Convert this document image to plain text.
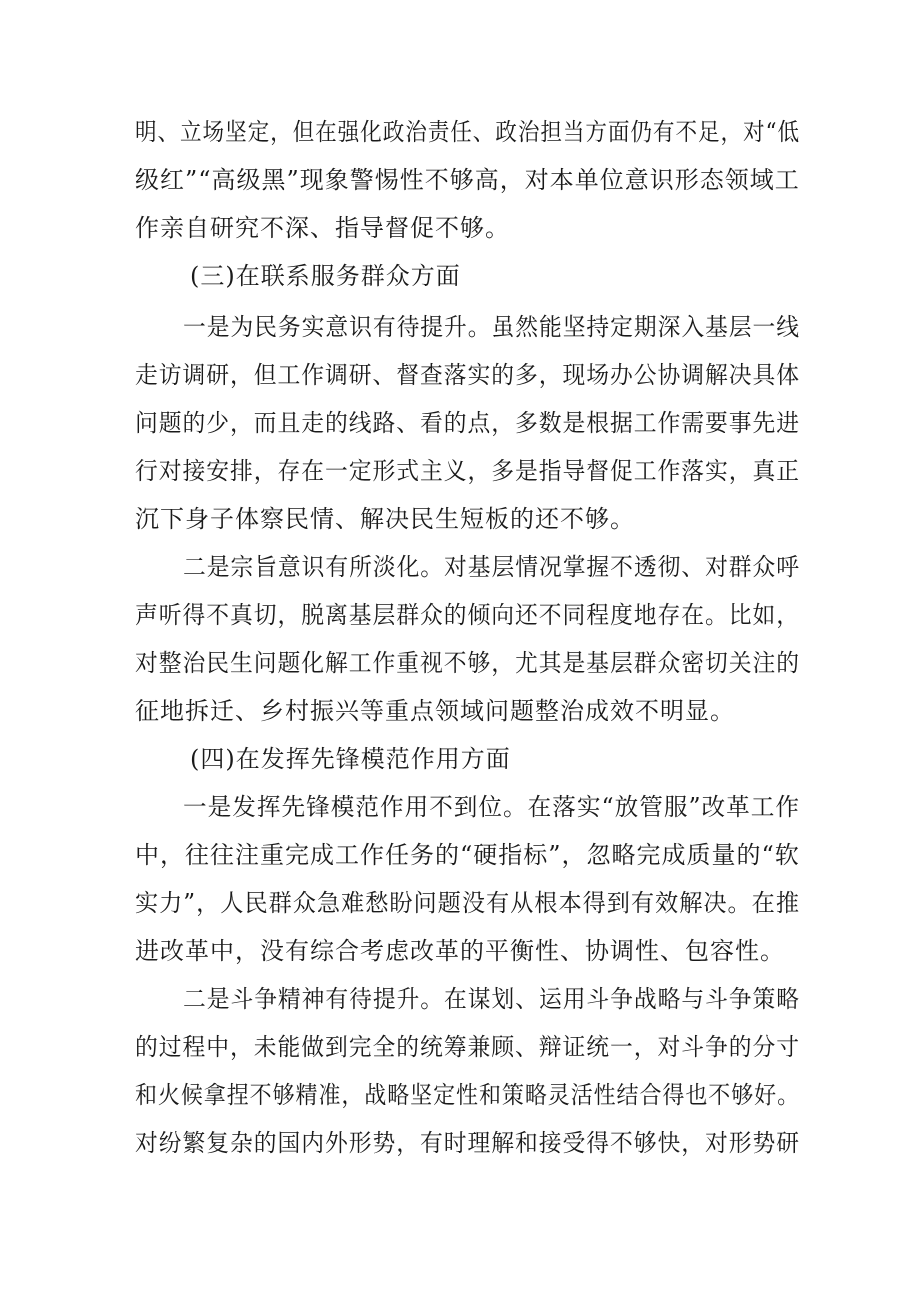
明、立场坚定，但在强化政治责任、政治担当方面仍有不足，对“低
级红”“高级黑”现象警惕性不够高，对本单位意识形态领域工
作亲自研究不深、指导督促不够。
(三)在联系服务群众方面
一是为民务实意识有待提升。虽然能坚持定期深入基层一线
走访调研，但工作调研、督查落实的多，现场办公协调解决具体
问题的少，而且走的线路、看的点，多数是根据工作需要事先进
行对接安排，存在一定形式主义，多是指导督促工作落实，真正
沉下身子体察民情、解决民生短板的还不够。
二是宗旨意识有所淡化。对基层情况掌握不透彻、对群众呼
声听得不真切，脱离基层群众的倾向还不同程度地存在。比如，
对整治民生问题化解工作重视不够，尤其是基层群众密切关注的
征地拆迁、乡村振兴等重点领域问题整治成效不明显。
(四)在发挥先锋模范作用方面
一是发挥先锋模范作用不到位。在落实“放管服”改革工作
中，往往注重完成工作任务的“硬指标”，忽略完成质量的“软
实力”，人民群众急难愁盼问题没有从根本得到有效解决。在推
进改革中，没有综合考虑改革的平衡性、协调性、包容性。
二是斗争精神有待提升。在谋划、运用斗争战略与斗争策略
的过程中，未能做到完全的统筹兼顾、辩证统一，对斗争的分寸
和火候拿捏不够精准，战略坚定性和策略灵活性结合得也不够好。
对纷繁复杂的国内外形势，有时理解和接受得不够快，对形势研
